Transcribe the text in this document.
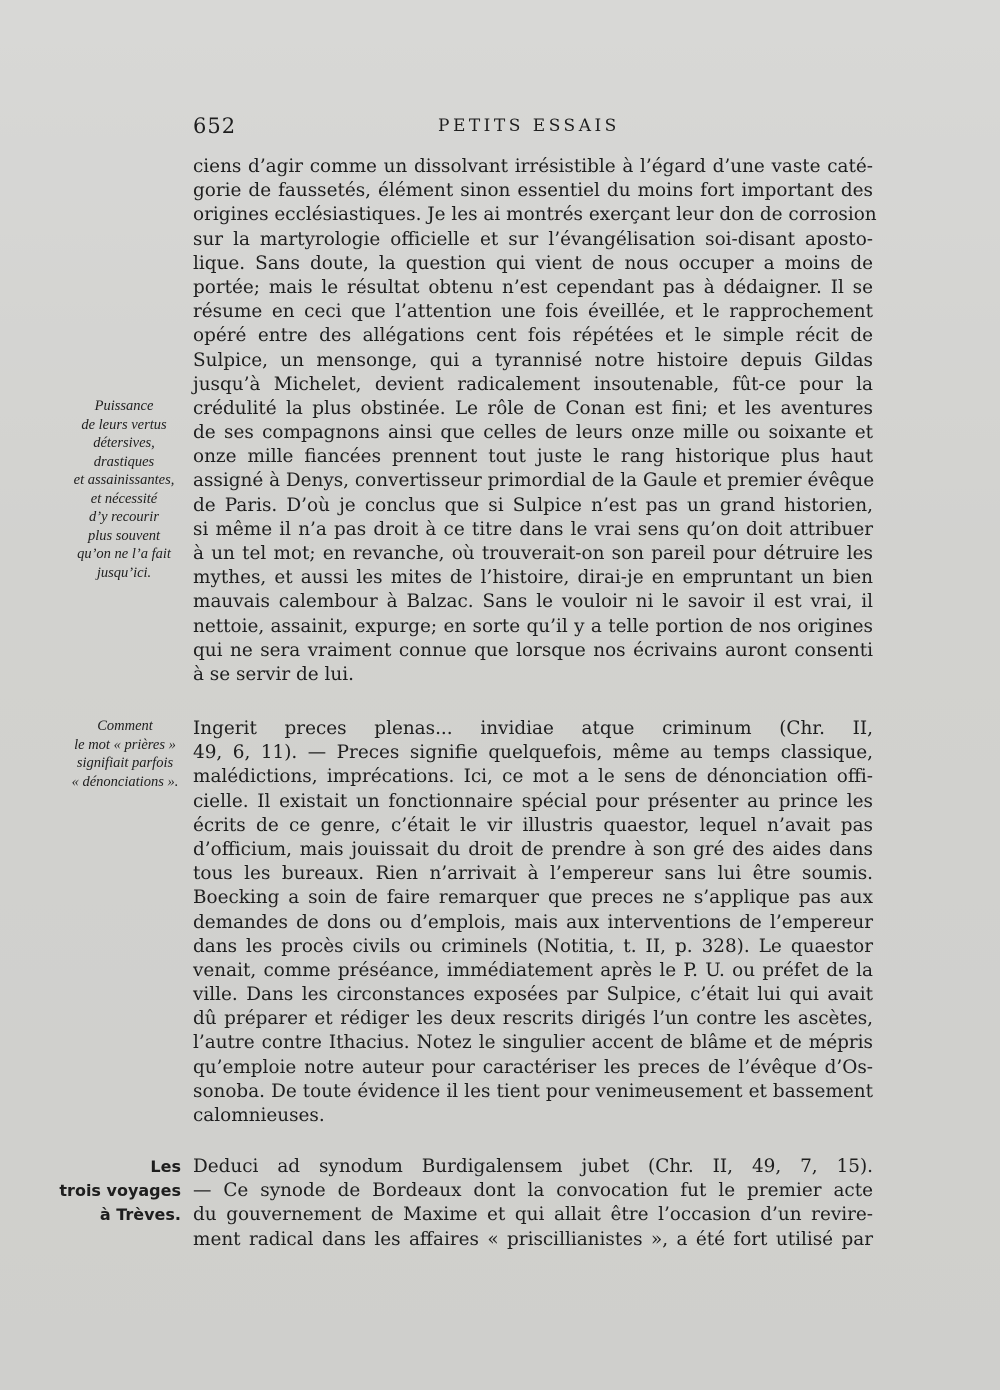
652	PETITS ESSAIS
ciens d’agir comme un dissolvant irrésistible à l’égard d’une vaste caté-
gorie de faussetés, élément sinon essentiel du moins fort important des
origines ecclésiastiques. Je les ai montrés exerçant leur don de corrosion
sur la martyrologie officielle et sur l’évangélisation soi-disant aposto-
lique. Sans doute, la question qui vient de nous occuper a moins de
portée; mais le résultat obtenu n’est cependant pas à dédaigner. Il se
résume en ceci que l’attention une fois éveillée, et le rapprochement
opéré entre des allégations cent fois répétées et le simple récit de
Sulpice, un mensonge, qui a tyrannisé notre histoire depuis Gildas
jusqu’à Michelet, devient radicalement insoutenable, fût-ce pour la
crédulité la plus obstinée. Le rôle de Conan est fini; et les aventures
de ses compagnons ainsi que celles de leurs onze mille ou soixante et
onze mille fiancées prennent tout juste le rang historique plus haut
assigné à Denys, convertisseur primordial de la Gaule et premier évêque
de Paris. D’où je conclus que si Sulpice n’est pas un grand historien,
si même il n’a pas droit à ce titre dans le vrai sens qu’on doit attribuer
à un tel mot; en revanche, où trouverait-on son pareil pour détruire les
mythes, et aussi les mites de l’histoire, dirai-je en empruntant un bien
mauvais calembour à Balzac. Sans le vouloir ni le savoir il est vrai, il
nettoie, assainit, expurge; en sorte qu’il y a telle portion de nos origines
qui ne sera vraiment connue que lorsque nos écrivains auront consenti
à se servir de lui.
Ingerit preces plenas... invidiae atque criminum (Chr. II,
49, 6, 11). — Preces signifie quelquefois, même au temps classique,
malédictions, imprécations. Ici, ce mot a le sens de dénonciation offi-
cielle. Il existait un fonctionnaire spécial pour présenter au prince les
écrits de ce genre, c’était le vir illustris quaestor, lequel n’avait pas
d’officium, mais jouissait du droit de prendre à son gré des aides dans
tous les bureaux. Rien n’arrivait à l’empereur sans lui être soumis.
Boecking a soin de faire remarquer que preces ne s’applique pas aux
demandes de dons ou d’emplois, mais aux interventions de l’empereur
dans les procès civils ou criminels (Notitia, t. II, p. 328). Le quaestor
venait, comme préséance, immédiatement après le P. U. ou préfet de la
ville. Dans les circonstances exposées par Sulpice, c’était lui qui avait
dû préparer et rédiger les deux rescrits dirigés l’un contre les ascètes,
l’autre contre Ithacius. Notez le singulier accent de blâme et de mépris
qu’emploie notre auteur pour caractériser les preces de l’évêque d’Os-
sonoba. De toute évidence il les tient pour venimeusement et bassement
calomnieuses.
Deduci ad synodum Burdigalensem jubet (Chr. II, 49, 7, 15).
— Ce synode de Bordeaux dont la convocation fut le premier acte
du gouvernement de Maxime et qui allait être l’occasion d’un revire-
ment radical dans les affaires « priscillianistes », a été fort utilisé par
Puissance
de leurs vertus
détersives,
drastiques
et assainissantes,
et nécessité
d’y recourir
plus souvent
qu’on ne l’a fait
jusqu’ici.
Comment
le mot « prières »
signifiait parfois
« dénonciations ».
Les
trois voyages
à Trèves.
